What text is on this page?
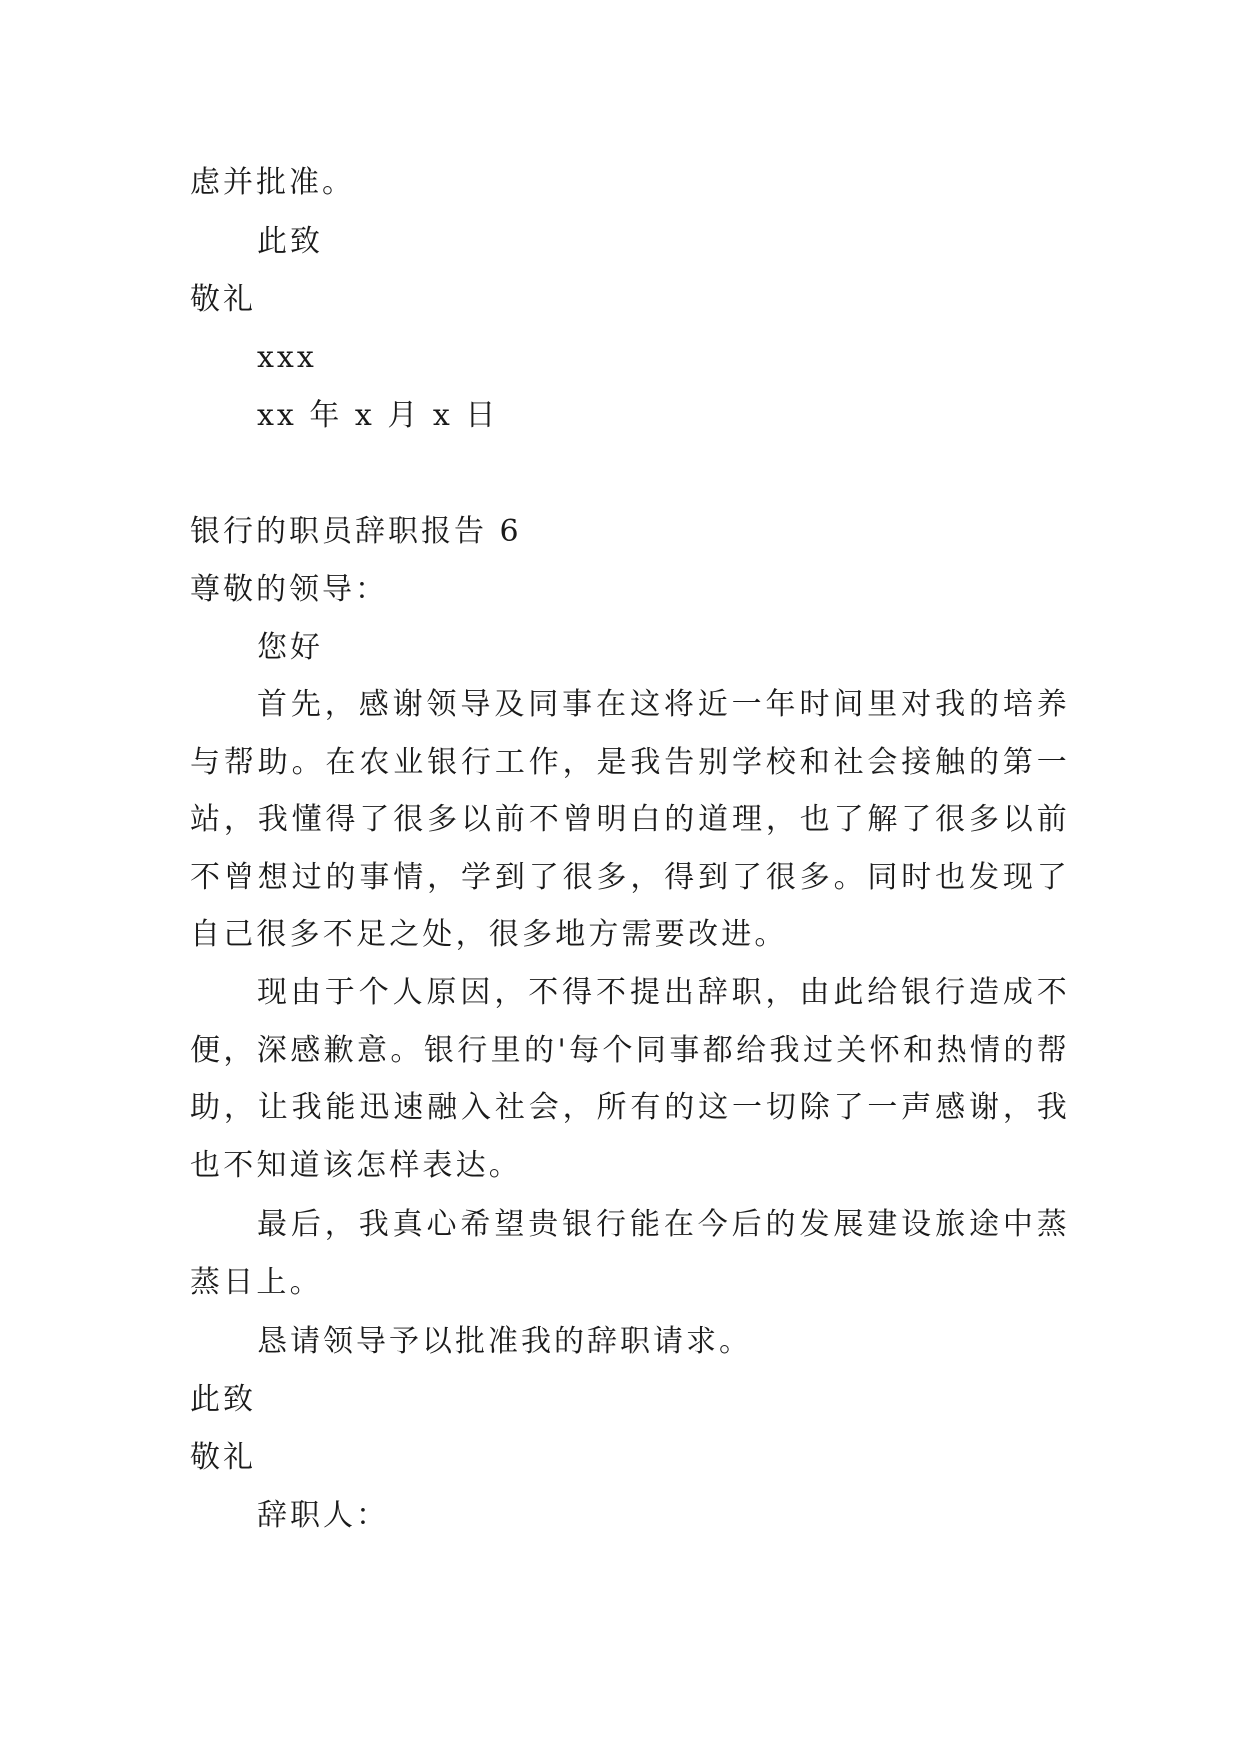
虑并批准。
此致
敬礼
xxx
xx 年 x 月 x 日
银行的职员辞职报告 6
尊敬的领导：
您好

首先，感谢领导及同事在这将近一年时间里对我的培养与帮助。在农业银行工作，是我告别学校和社会接触的第一站，我懂得了很多以前不曾明白的道理，也了解了很多以前不曾想过的事情，学到了很多，得到了很多。同时也发现了自己很多不足之处，很多地方需要改进。

现由于个人原因，不得不提出辞职，由此给银行造成不便，深感歉意。银行里的'每个同事都给我过关怀和热情的帮助，让我能迅速融入社会，所有的这一切除了一声感谢，我也不知道该怎样表达。

最后，我真心希望贵银行能在今后的发展建设旅途中蒸蒸日上。

恳请领导予以批准我的辞职请求。
此致
敬礼
辞职人：
